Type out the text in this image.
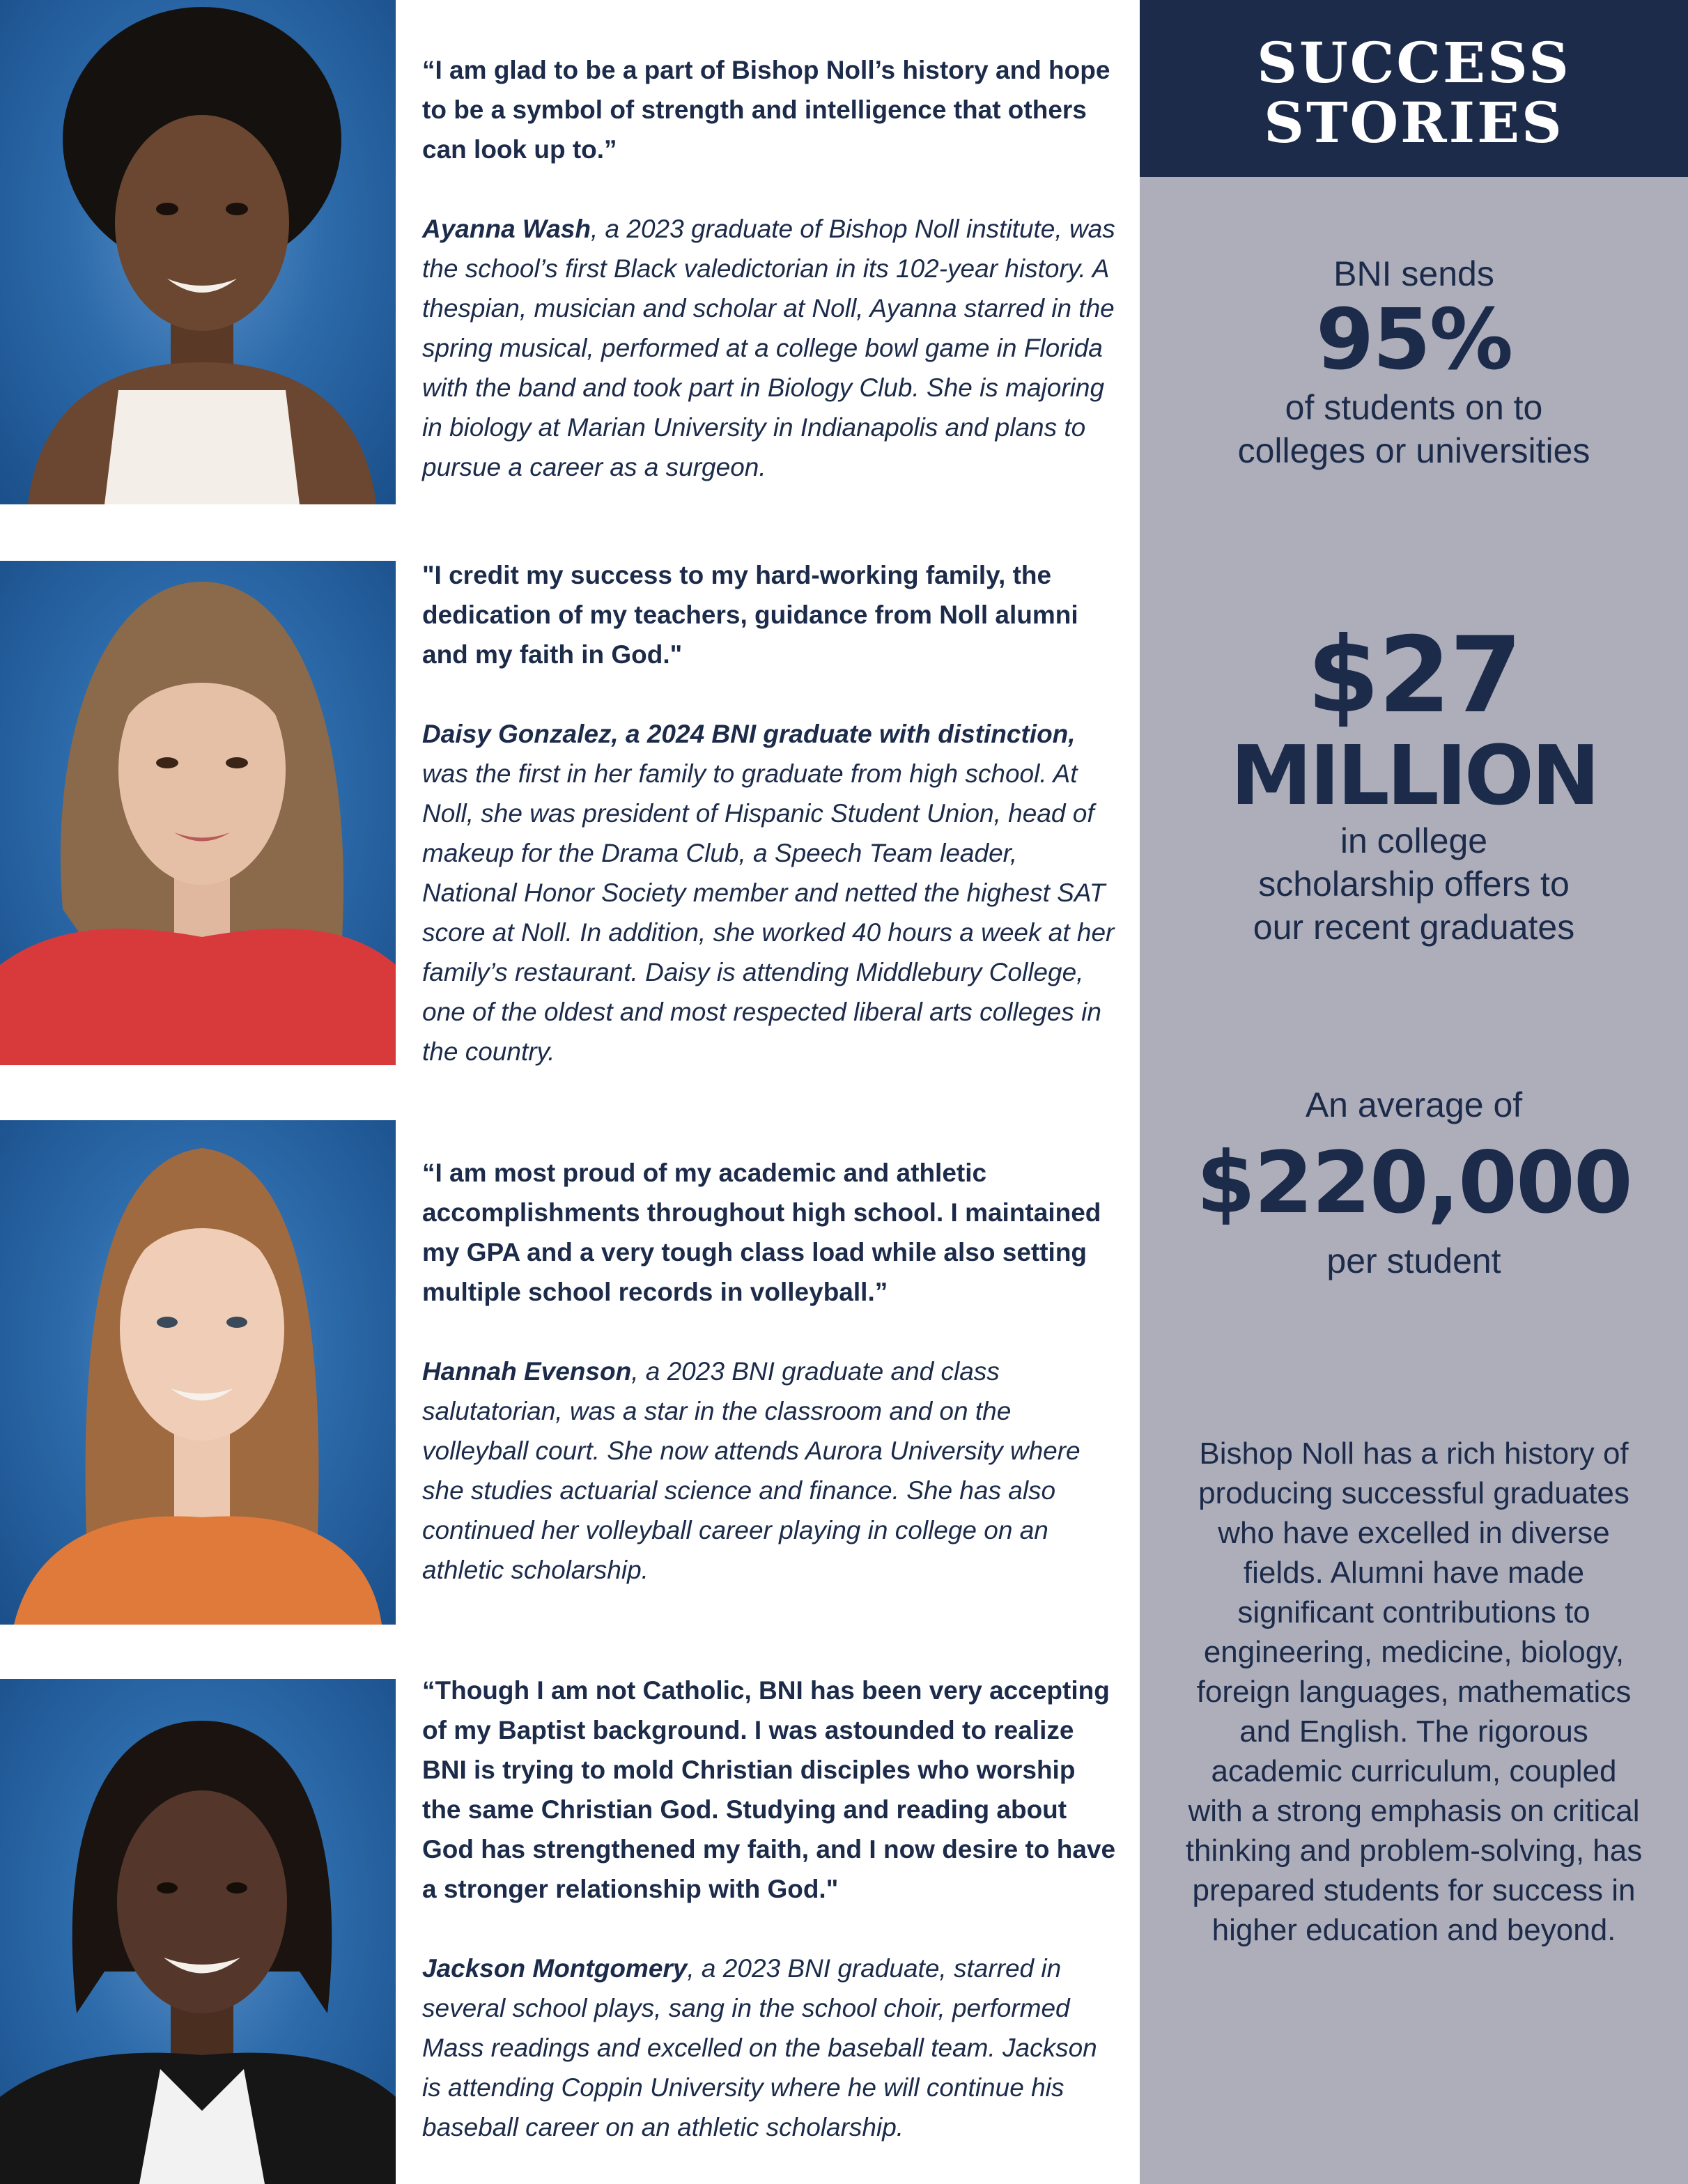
“I am glad to be a part of Bishop Noll’s history and hope to be a symbol of strength and intelligence that others can look up to.”

Ayanna Wash, a 2023 graduate of Bishop Noll institute, was the school’s first Black valedictorian in its 102-year history. A thespian, musician and scholar at Noll, Ayanna starred in the spring musical, performed at a college bowl game in Florida with the band and took part in Biology Club. She is majoring in biology at Marian University in Indianapolis and plans to pursue a career as a surgeon.

"I credit my success to my hard-working family, the dedication of my teachers, guidance from Noll alumni and my faith in God."

Daisy Gonzalez, a 2024 BNI graduate with distinction, was the first in her family to graduate from high school. At Noll, she was president of Hispanic Student Union, head of makeup for the Drama Club, a Speech Team leader, National Honor Society member and netted the highest SAT score at Noll. In addition, she worked 40 hours a week at her family’s restaurant. Daisy is attending Middlebury College, one of the oldest and most respected liberal arts colleges in the country.

“I am most proud of my academic and athletic accomplishments throughout high school. I maintained my GPA and a very tough class load while also setting multiple school records in volleyball.”

Hannah Evenson, a 2023 BNI graduate and class salutatorian, was a star in the classroom and on the volleyball court. She now attends Aurora University where she studies actuarial science and finance. She has also continued her volleyball career playing in college on an athletic scholarship.

“Though I am not Catholic, BNI has been very accepting of my Baptist background. I was astounded to realize BNI is trying to mold Christian disciples who worship the same Christian God. Studying and reading about God has strengthened my faith, and I now desire to have a stronger relationship with God."

Jackson Montgomery, a 2023 BNI graduate, starred in several school plays, sang in the school choir, performed Mass readings and excelled on the baseball team. Jackson is attending Coppin University where he will continue his baseball career on an athletic scholarship.

SUCCESS
STORIES
BNI sends
95%
of students on to
colleges or universities
$27
MILLION
in college
scholarship offers to
our recent graduates
An average of
$220,000
per student
Bishop Noll has a rich history of producing successful graduates who have excelled in diverse fields. Alumni have made significant contributions to engineering, medicine, biology, foreign languages, mathematics and English. The rigorous academic curriculum, coupled with a strong emphasis on critical thinking and problem-solving, has prepared students for success in higher education and beyond.
